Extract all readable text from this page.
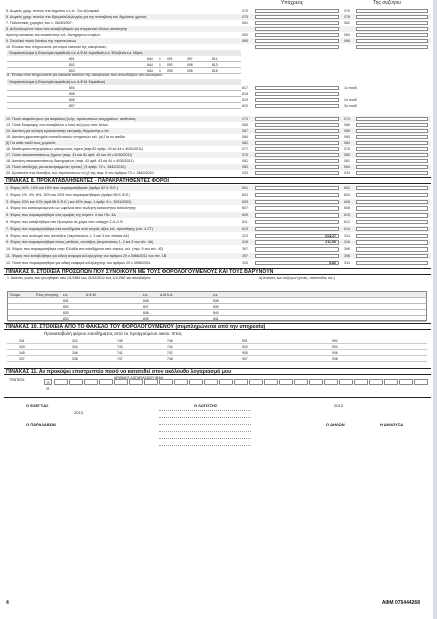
Υπόχρεος	Της συζύγου
Ονοματεπώνυμο ή Επωνυμία εκμισθωτή κ.κ. Α.Φ.Μ. εκμισθωτή κ.κ. Φιλοξενία κ.κ. Μήνες
801	ΝΑΙ 1 091	097	811
802	ΝΑΙ 1 092	098	813
803	ΝΑΙ 1 095	096	815
11. Ενοίκιο που πληρώνεστε για κατοικία παιδιών της οικογένειας που σπουδάζουν στο εσωτερικό:
Ονοματεπώνυμο ή Επωνυμία εκμισθωτή κ.κ. Α.Φ.Μ. Εκμισθωτή
804
805
806
807
ΠΙΝΑΚΑΣ 8. ΠΡΟΚΑΤΑΒΛΗΘΕΝΤΕΣ - ΠΑΡΑΚΡΑΤΗΘΕΝΤΕΣ ΦΟΡΟΙ
ΠΙΝΑΚΑΣ 9. ΣΤΟΙΧΕΙΑ ΠΡΟΣΩΠΩΝ ΠΟΥ ΣΥΝΟΙΚΟΥΝ ΜΕ ΤΟΥΣ ΦΟΡΟΛΟΓΟΥΜΕΝΟΥΣ ΚΑΙ ΤΟΥΣ ΒΑΡΥΝΟΥΝ
1. Ανιόντες γονείς που γεννήθηκαν από 1/1/1984 έως 31/12/2012 έως 1/1/1987 και σπουδάζουν	α) Ανιόντες των συζύγων (γονείς, παππούδες κτλ.)
Όνομα	Έτος γέννησης κ.κ.	Α.Φ.Μ.	κ.κ.	Α.Μ.Κ.Α.	κ.κ.
831	846	838
832	847	839
833	848	840
834	849	841
ΠΙΝΑΚΑΣ 10. ΣΤΟΙΧΕΙΑ ΑΠΟ ΤΟ ΦΑΚΕΛΟ ΤΟΥ ΦΟΡΟΛΟΓΟΥΜΕΝΟΥ (συμπληρώνεται από την υπηρεσία)
Προκαταβολή φόρου εισοδήματος από το προηγούμενο οικον. Έτος
341	342	745	746	901	902
343	344	743	744	903	904
345	346	741	742	905	906
337	338	747	748	907	908
ΠΙΝΑΚΑΣ 11. Αν προκύψει επιστρεπτέο ποσό να κατατεθεί στον ακόλουθο λογαριασμό μου
ΑΡΙΘΜΟΣ ΛΟΓΑΡΙΑΣΜΟΥ IBAN
ΤΡΑΠΕΖΑ	G R
Ο ΕΛΕΓΞΑΣ
2013
Ο ΠΑΡΑΛΑΒΩΝ
Ο ΛΟΓΙΣΤΗΣ	2013
Ο ΔΗΛΩΝ	Η ΔΗΛΟΥΣΑ
4	ΑΦΜ 075444268
5. Δωρεές χρημ. ποσών στο Δημόσιο κ.λ.π.: Στο εξωτερικό	075	076
6. Δωρεές χρημ. ποσών στο ίδρυμα/αλληλεγγύη για την απόσβεση του δημόσιου χρέους	075	076
7. Πολιτιστικές χορηγίες του ν. 3525/2007:	061	062
8. Δεδουλευμένοι τόκοι που καταβλήθηκαν για στεγαστικό δάνειο απόκτησης
πρώτης κατοικίας και ανακαίνισης κτλ. διατηρητέων κτιρίων:	063	064
9. Συνολικό ποσό δανείου της περιπτώσεως	065	066
10. Ενοίκιο που πληρώνεστε για κύρια κατοικία της οικογένειας:
817	1ο παιδί
818
819	2ο παιδί
820	3ο παιδί
12. Ποσό ασφαλίστρων για ασφάλιση ζωής, προσωπικών ατυχημάτων, ασθένειας	073	074
13. Ποσό διατροφής που καταβάλλει ο ένας σύζυγος στον άλλον	065	066
14. Δαπάνη για αλλαγή εγκατάστασης κεντρικής θέρμανσης κ.λπ.	067	068
15. Δαπάνη φροντιστηρίου εκπαιδευτικών υπηρεσιών κτλ. (α) Για τα παιδιά	084	085
β) Για κάθε παιδί τους χωριστά:	082	083
16. Μισθώματα επιχειρήσεων τριτογενούς τομέα (παρ.82 άρθρ. 43 κα 44 ν.4030/2011)	077	078
17. Ποσό αποκαταστάσεως ζημιών (παρ. 41 και 81 άρθ. 43 και 44 ν.4030/2011)	079	080
18. Δαπάνη αποκαταστάσεως διατηρητέων (παρ. 42 αρθ. 43 κα 44 ν.4030/2011)	081	082
19. Ποσό αποδοχής για κατεστραμμένες τράπεζ. (9 άρθρ. 73 ν. 3842/2010)	083	084
20. Εμπίπτετε στις διατάξεις των περιπτώσεων α ή β της παρ. 9 του άρθρου 73 ν. 3842/2010:	033	034
1. Φόρος 40%, 10% και 15% που παρακρατήθηκαν (άρθρο 52 Κ.Φ.Ε.)	601	602
2. Φόρος 1%, 4%, 8%, 15% και 20% που παρακρατήθηκαν (άρθρο 55 Κ.Φ.Ε.)	603	604
3. Φόρος 20% και 10% (άρθ.58 Κ.Φ.Ε.) και 15% (παρ. 1 άρθρ. 5 ν. 3091/2002)	605	606
4. Φόρος του κατακυρούμενου ως ωφέλεια από πώληση αυτοκινήτου αυτοκίνητης	607	608
5. Φόρος που παρακρατήθηκε στις αμοιβές της περίπτ. 4 του Πίν. 4Α	609	610
6. Φόρος που καταβλήθηκε στο εξωτερικό σε χώρα που υπάρχει Σ.Α.Ο.Φ.	611	612
7. Φόρος που παρακρατήθηκε στα εισοδήματα από κινητές αξίες κτλ. προσθήκης (πίν. 4 ΣΤ)	613	614
8. Φόρος που αναλογεί στις συντάξεις (περιπτώσεις 1, 2 και 3 του πίνακα 4Α)	313	214,27 314
9. Φόρος που παρακρατήθηκε στους μισθούς, συντάξεις (περιπτώσεις 1, 2 και 3 του πίν. 4Α)	315	211,06 316
10. Φόρος που παρακρατήθηκε στην Ελλάδα στα εισοδήματα από τόκους, κτλ. (περ. 9 του πίν. 4Ζ)	397	398
11. Φόρος που καταβλήθηκε για ειδική εισφορά αλληλεγγύης του άρθρου 29 ν.3986/2011 του πίν. 1Β	397	398
12. Ποσό που παρακρατήθηκε για ειδική εισφορά αλληλεγγύης του άρθρου 29 ν.3986/2011	333	4,82 334
